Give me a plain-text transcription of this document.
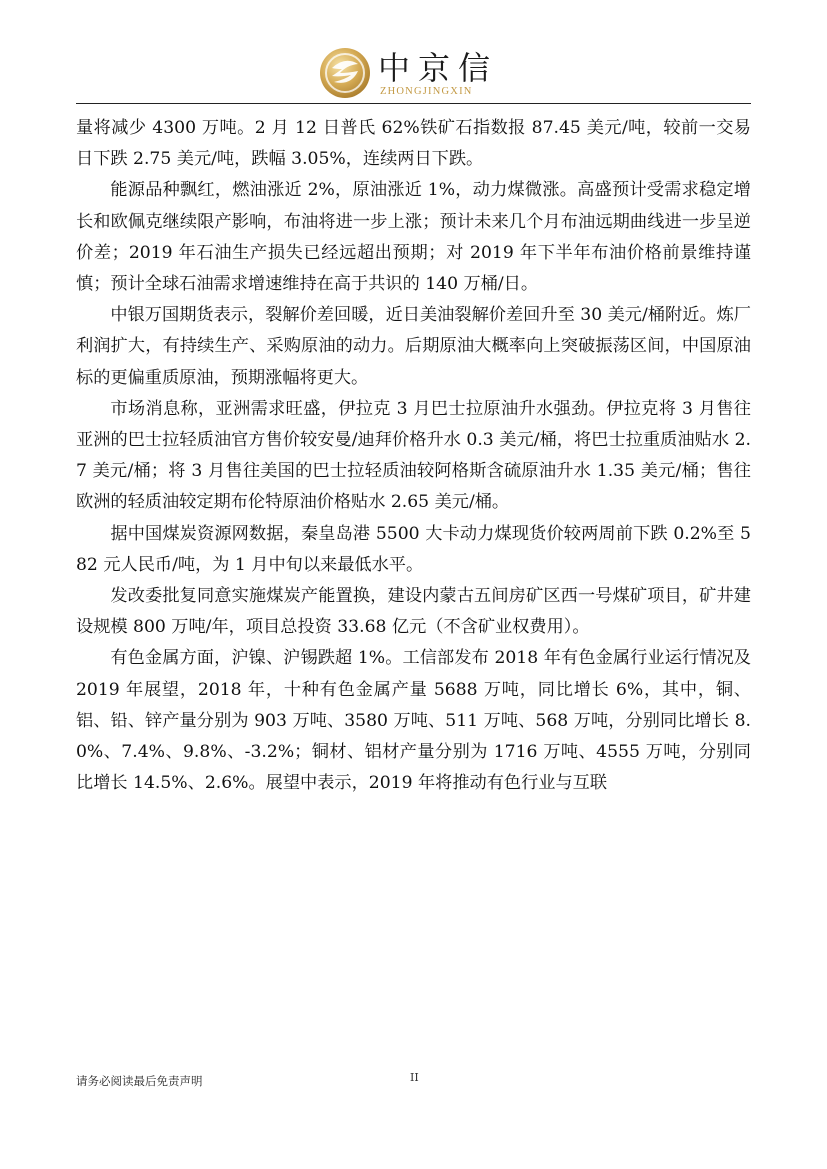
中京信
ZHONGJINGXIN

量将减少 4300 万吨。2 月 12 日普氏 62%铁矿石指数报 87.45 美元/吨，较前一交易日下跌 2.75 美元/吨，跌幅 3.05%，连续两日下跌。

能源品种飘红，燃油涨近 2%，原油涨近 1%，动力煤微涨。高盛预计受需求稳定增长和欧佩克继续限产影响，布油将进一步上涨；预计未来几个月布油远期曲线进一步呈逆价差；2019 年石油生产损失已经远超出预期；对 2019 年下半年布油价格前景维持谨慎；预计全球石油需求增速维持在高于共识的 140 万桶/日。

中银万国期货表示，裂解价差回暖，近日美油裂解价差回升至 30 美元/桶附近。炼厂利润扩大，有持续生产、采购原油的动力。后期原油大概率向上突破振荡区间，中国原油标的更偏重质原油，预期涨幅将更大。

市场消息称，亚洲需求旺盛，伊拉克 3 月巴士拉原油升水强劲。伊拉克将 3 月售往亚洲的巴士拉轻质油官方售价较安曼/迪拜价格升水 0.3 美元/桶，将巴士拉重质油贴水 2.7 美元/桶；将 3 月售往美国的巴士拉轻质油较阿格斯含硫原油升水 1.35 美元/桶；售往欧洲的轻质油较定期布伦特原油价格贴水 2.65 美元/桶。

据中国煤炭资源网数据，秦皇岛港 5500 大卡动力煤现货价较两周前下跌 0.2%至 582 元人民币/吨，为 1 月中旬以来最低水平。

发改委批复同意实施煤炭产能置换，建设内蒙古五间房矿区西一号煤矿项目，矿井建设规模 800 万吨/年，项目总投资 33.68 亿元（不含矿业权费用）。

有色金属方面，沪镍、沪锡跌超 1%。工信部发布 2018 年有色金属行业运行情况及 2019 年展望，2018 年，十种有色金属产量 5688 万吨，同比增长 6%，其中，铜、铝、铅、锌产量分别为 903 万吨、3580 万吨、511 万吨、568 万吨，分别同比增长 8.0%、7.4%、9.8%、-3.2%；铜材、铝材产量分别为 1716 万吨、4555 万吨，分别同比增长 14.5%、2.6%。展望中表示，2019 年将推动有色行业与互联

请务必阅读最后免责声明	II
